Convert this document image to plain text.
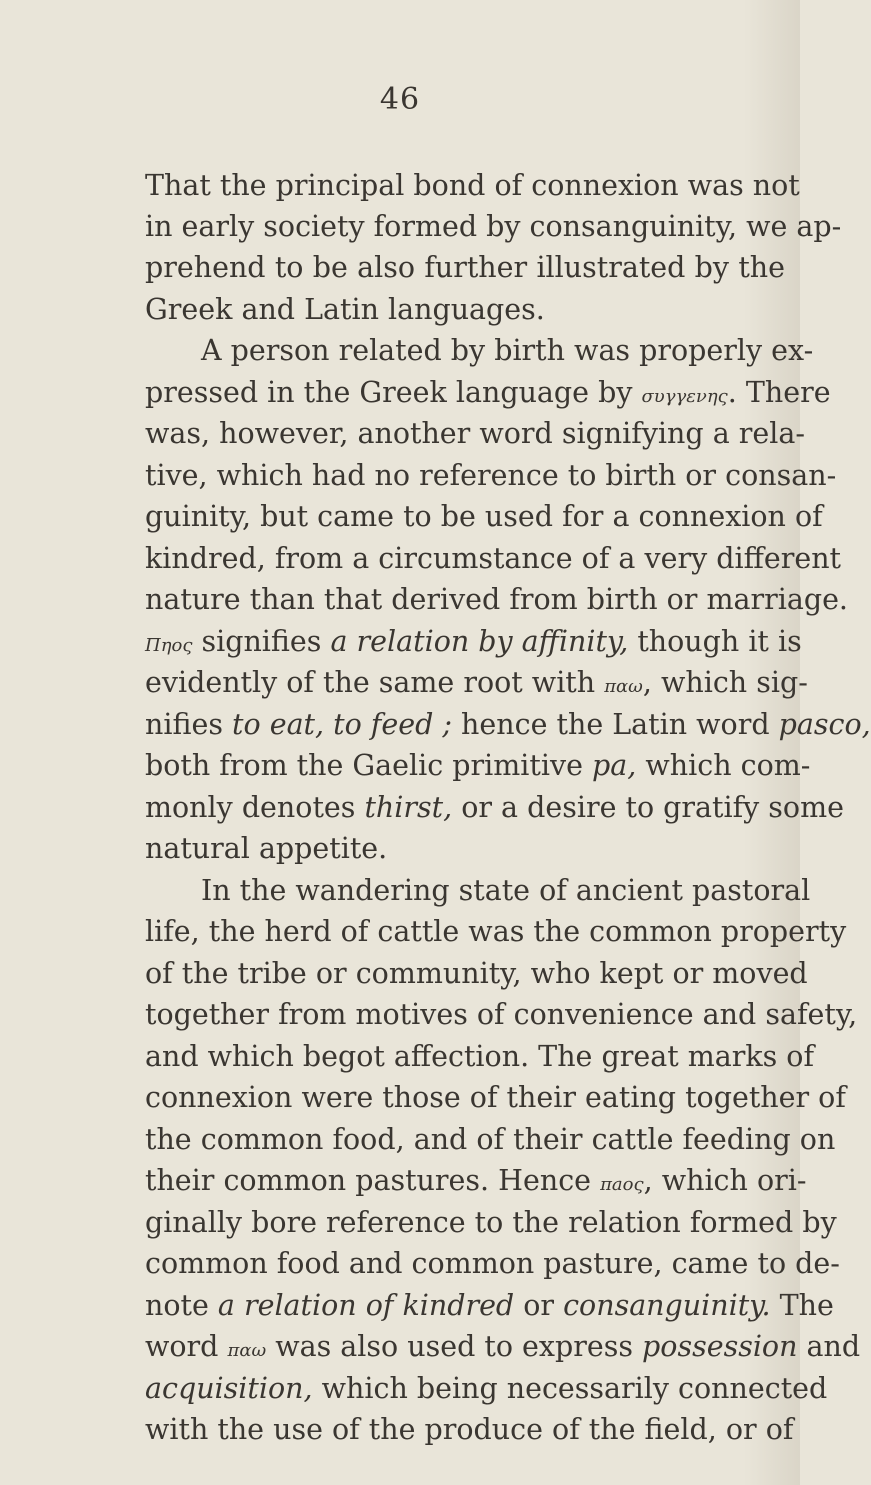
46
That the principal bond of connexion was not
in early society formed by consanguinity, we ap-
prehend to be also further illustrated by the
Greek and Latin languages.
A person related by birth was properly ex-
pressed in the Greek language by συγγενης. There
was, however, another word signifying a rela-
tive, which had no reference to birth or consan-
guinity, but came to be used for a connexion of
kindred, from a circumstance of a very different
nature than that derived from birth or marriage.
Πηος signifies a relation by affinity, though it is
evidently of the same root with παω, which sig-
nifies to eat, to feed ; hence the Latin word pasco,
both from the Gaelic primitive pa, which com-
monly denotes thirst, or a desire to gratify some
natural appetite.
In the wandering state of ancient pastoral
life, the herd of cattle was the common property
of the tribe or community, who kept or moved
together from motives of convenience and safety,
and which begot affection. The great marks of
connexion were those of their eating together of
the common food, and of their cattle feeding on
their common pastures. Hence πaος, which ori-
ginally bore reference to the relation formed by
common food and common pasture, came to de-
note a relation of kindred or consanguinity. The
word παω was also used to express possession and
acquisition, which being necessarily connected
with the use of the produce of the field, or of
